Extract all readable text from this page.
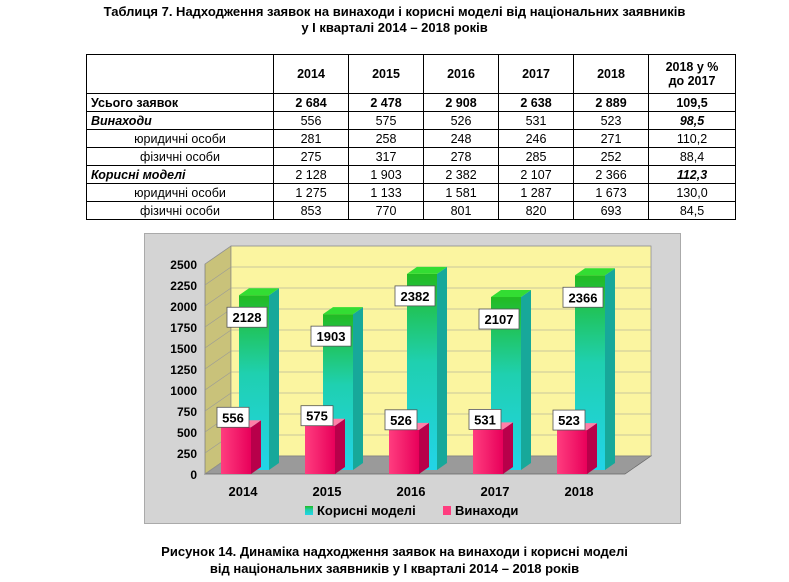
Таблиця 7. Надходження заявок на винаходи і корисні моделі від національних заявників
у І кварталі 2014 – 2018 років
	2014	2015	2016	2017	2018	2018 у %
до 2017

Усього заявок	2 684	2 478	2 908	2 638	2 889	109,5
Винаходи	556	575	526	531	523	98,5
юридичні особи	281	258	248	246	271	110,2
фізичні особи	275	317	278	285	252	88,4
Корисні моделі	2 128	1 903	2 382	2 107	2 366	112,3
юридичні особи	1 275	1 133	1 581	1 287	1 673	130,0
фізичні особи	853	770	801	820	693	84,5
0
250
500
750
1000
1250
1500
1750
2000
2250
2500
2128
556
2014
1903
575
2015
2382
526
2016
2107
531
2017
2366
523
2018
Корисні моделі	Винаходи
Рисунок 14. Динаміка надходження заявок на винаходи і корисні моделі
від національних заявників у І кварталі 2014 – 2018 років
